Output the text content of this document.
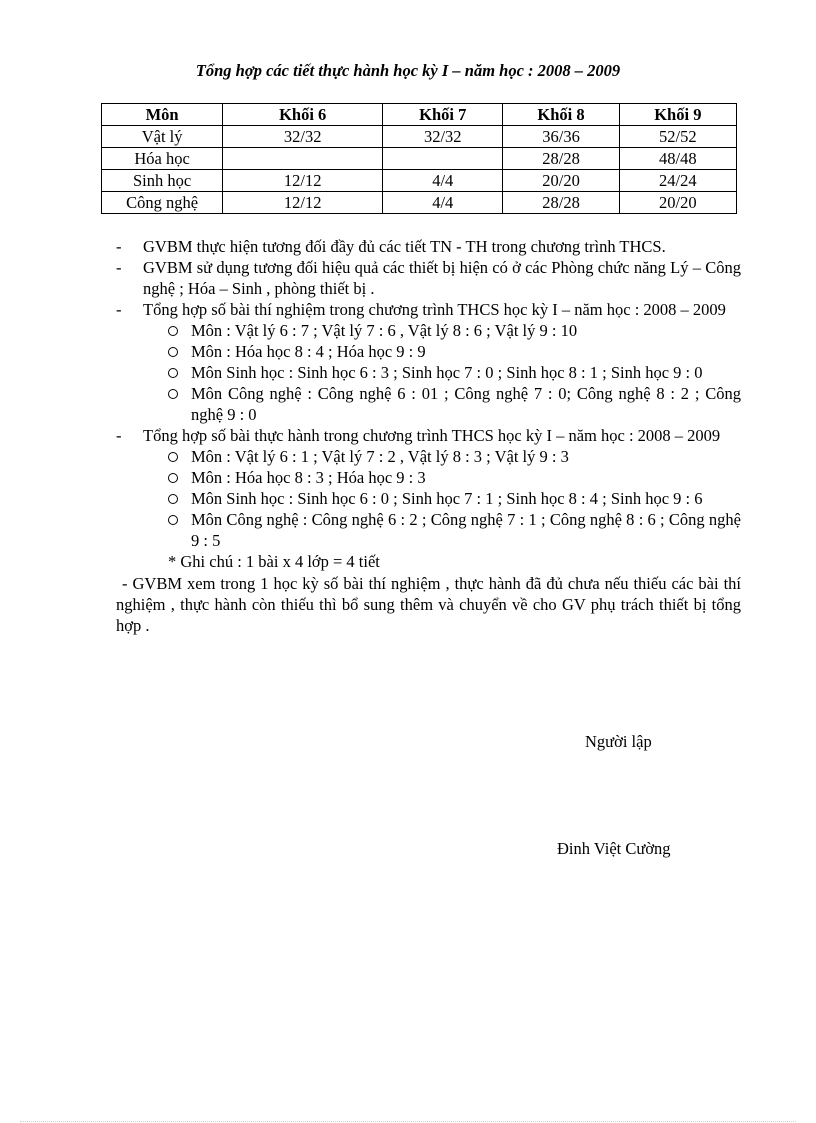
Tổng hợp các tiết thực hành học kỳ I – năm học : 2008 – 2009
Môn	Khối 6	Khối 7	Khối 8	Khối 9
Vật lý	32/32	32/32	36/36	52/52
Hóa học			28/28	48/48
Sinh học	12/12	4/4	20/20	24/24
Công nghệ	12/12	4/4	28/28	20/20
- GVBM thực hiện tương đối đầy đủ các tiết TN - TH trong chương trình THCS.
- GVBM sử dụng tương đối hiệu quả các thiết bị hiện có ở các Phòng chức năng Lý – Công nghệ ; Hóa – Sinh , phòng thiết bị .
- Tổng hợp số bài thí nghiệm trong chương trình THCS học kỳ I – năm học : 2008 – 2009
Môn : Vật lý 6 : 7 ; Vật lý 7 : 6 , Vật lý 8 : 6 ; Vật lý 9 : 10
Môn : Hóa học 8 : 4 ; Hóa học 9 : 9
Môn Sinh học : Sinh học 6 : 3 ; Sinh học 7 : 0 ; Sinh học 8 : 1 ; Sinh học 9 : 0
Môn Công nghệ : Công nghệ 6 : 01 ; Công nghệ 7 : 0; Công nghệ 8 : 2 ; Công nghệ 9 : 0
- Tổng hợp số bài thực hành trong chương trình THCS học kỳ I – năm học : 2008 – 2009
Môn : Vật lý 6 : 1 ; Vật lý 7 : 2 , Vật lý 8 : 3 ; Vật lý 9 : 3
Môn : Hóa học 8 : 3 ; Hóa học 9 : 3
Môn Sinh học : Sinh học 6 : 0 ; Sinh học 7 : 1 ; Sinh học 8 : 4 ; Sinh học 9 : 6
Môn Công nghệ : Công nghệ 6 : 2 ; Công nghệ 7 : 1 ; Công nghệ 8 : 6 ; Công nghệ 9 : 5
* Ghi chú : 1 bài x 4 lớp = 4 tiết
- GVBM xem trong 1 học kỳ số bài thí nghiệm , thực hành đã đủ chưa nếu thiếu các bài thí nghiệm , thực hành còn thiếu thì bổ sung thêm và chuyển về cho GV phụ trách thiết bị tổng hợp .
Người lập
Đinh Việt Cường
